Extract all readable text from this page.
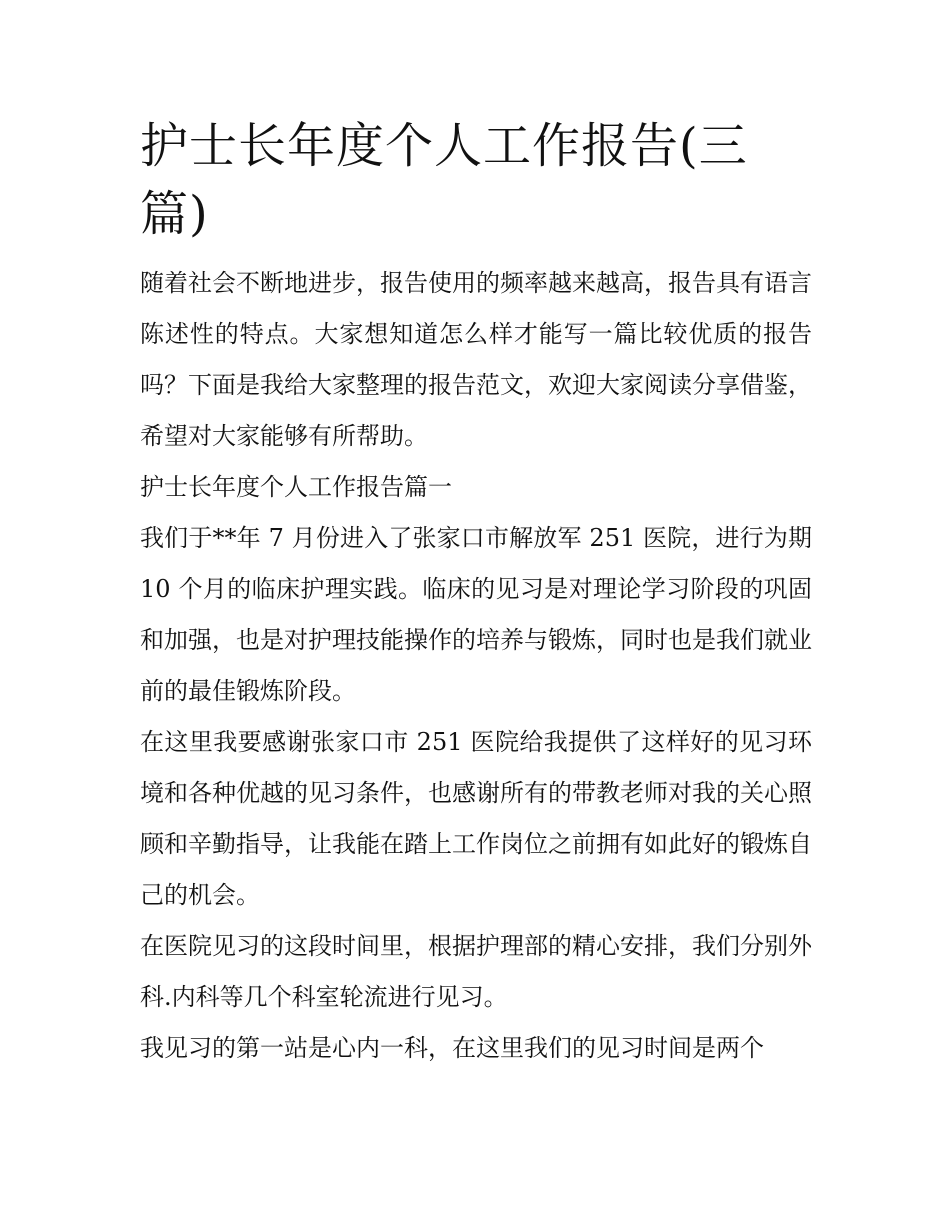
护士长年度个人工作报告(三篇)

随着社会不断地进步，报告使用的频率越来越高，报告具有语言陈述性的特点。大家想知道怎么样才能写一篇比较优质的报告吗？下面是我给大家整理的报告范文，欢迎大家阅读分享借鉴，希望对大家能够有所帮助。

护士长年度个人工作报告篇一

我们于**年 7 月份进入了张家口市解放军 251 医院，进行为期 10 个月的临床护理实践。临床的见习是对理论学习阶段的巩固和加强，也是对护理技能操作的培养与锻炼，同时也是我们就业前的最佳锻炼阶段。

在这里我要感谢张家口市 251 医院给我提供了这样好的见习环境和各种优越的见习条件，也感谢所有的带教老师对我的关心照顾和辛勤指导，让我能在踏上工作岗位之前拥有如此好的锻炼自己的机会。

在医院见习的这段时间里，根据护理部的精心安排，我们分别外科.内科等几个科室轮流进行见习。

我见习的第一站是心内一科，在这里我们的见习时间是两个
